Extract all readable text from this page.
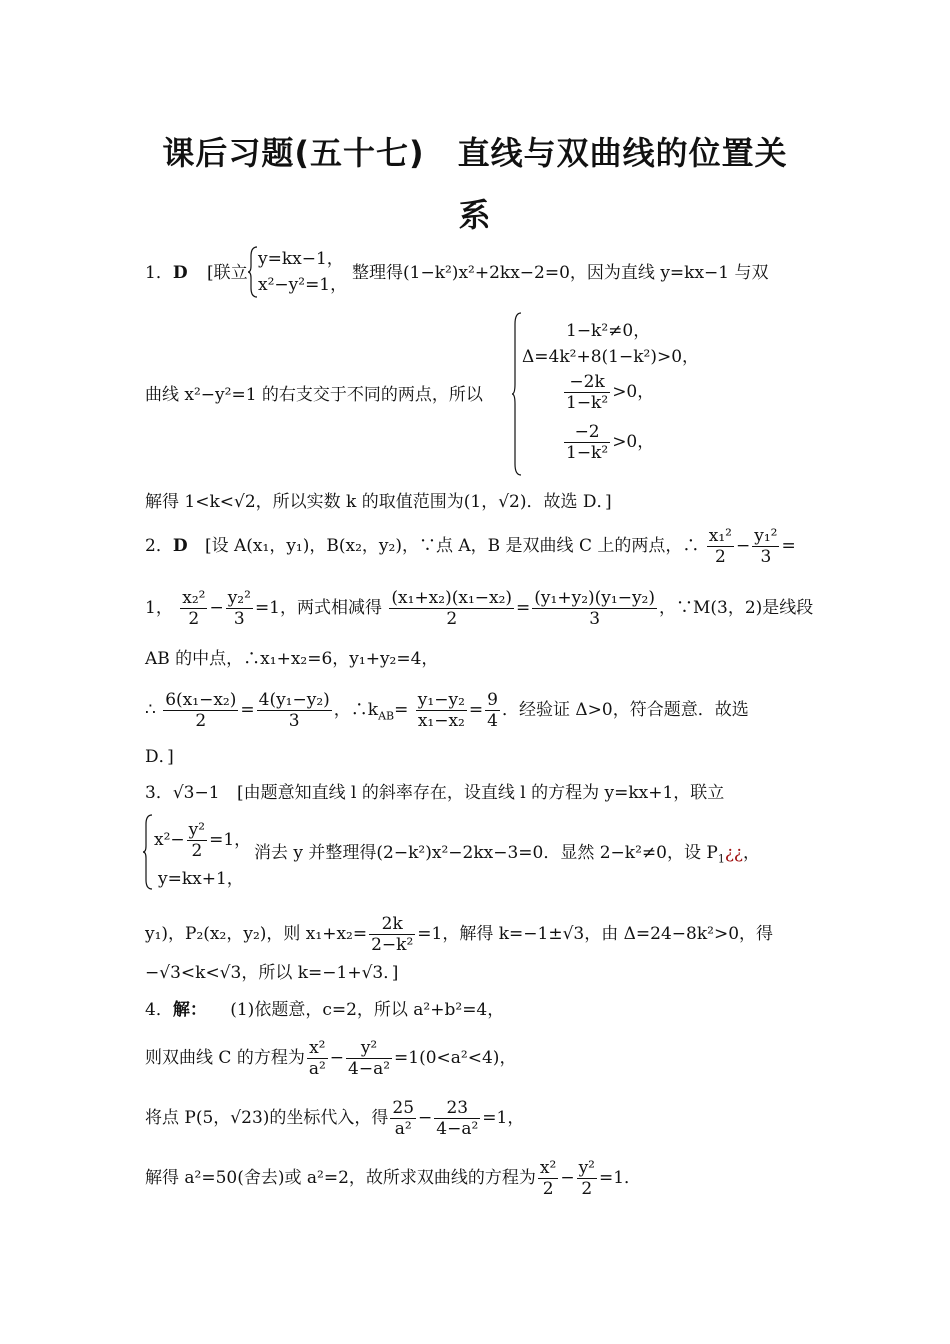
课后习题(五十七)　直线与双曲线的位置关
系
1．D [联立
y=kx−1，
x²−y²=1，
整理得(1−k²)x²+2kx−2=0，因为直线 y=kx−1 与双
曲线 x²−y²=1 的右支交于不同的两点，所以
1−k²≠0，
Δ=4k²+8(1−k²)>0，
$\frac{-2k}{\text{1−k²}} >0$，
$\frac{-2}{\text{1−k²}} >0$，
解得 1<k<√2，所以实数 k 的取值范围为(1，√2)．故选 D．]
2．D [设 A(x₁，y₁)，B(x₂，y₂)，∵点 A，B 是双曲线 C 上的两点，∴ $\frac{\text{x₁²}}{2} - \frac{\text{y₁²}}{3}$ =
1， $\frac{\text{x₂²}}{2} - \frac{\text{y₂²}}{3} =1$，两式相减得 $\frac{\text{(x₁+x₂)(x₁−x₂)}}{2} = \frac{\text{(y₁+y₂)(y₁−y₂)}}{3}$ ，∵M(3，2)是线段
AB 的中点，∴x₁+x₂=6，y₁+y₂=4，
∴ $\frac{\text{6(x₁−x₂)}}{2} = \frac{\text{4(y₁−y₂)}}{3}$ ，$\therefore k_{AB}= \frac{\text{y₁−y₂}}{\text{x₁−x₂}} = \frac{9}{4}$ ．经验证 Δ>0，符合题意．故选
D．]
3．√3−1 [由题意知直线 l 的斜率存在，设直线 l 的方程为 y=kx+1，联立
$x^2- \frac{\text{y²}}{2} =1$，
y=kx+1，
消去 y 并整理得(2−k²)x²−2kx−3=0．显然 2−k²≠0，设 $P_1¿¿$，
y₁)，P₂(x₂，y₂)，则 $x_1+x_2= \frac{2k}{\text{2−k²}} =1$，解得 k=−1±√3，由 Δ=24−8k²>0，得
−√3<k<√3，所以 k=−1+√3．]
4．解： (1)依题意，c=2，所以 a²+b²=4，
则双曲线 C 的方程为 $\frac{\text{x²}}{\text{a²}} - \frac{\text{y²}}{\text{4−a²}} =1(0<a^2<4)$，
将点 P(5，√23)的坐标代入，得 $\frac{25}{\text{a²}} - \frac{23}{\text{4−a²}} =1$，
解得 a²=50(舍去)或 a²=2，故所求双曲线的方程为 $\frac{\text{x²}}{2} - \frac{\text{y²}}{2} =1$．
